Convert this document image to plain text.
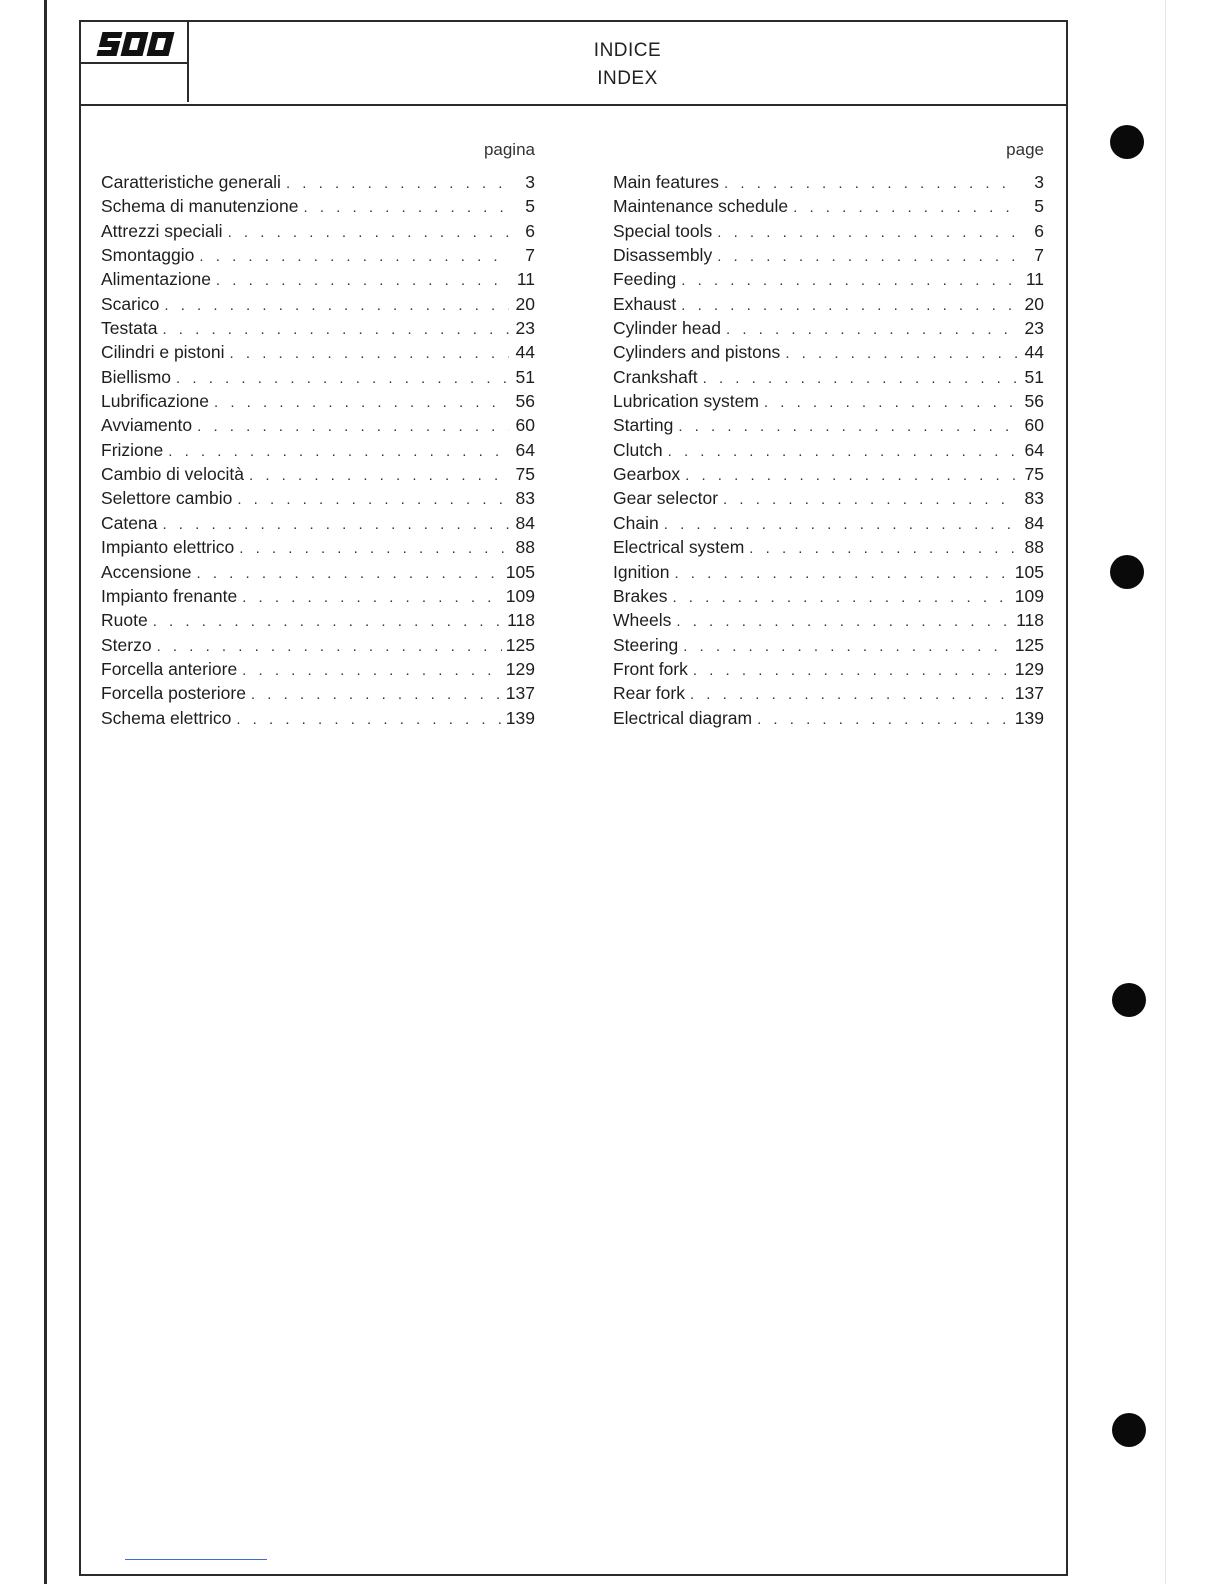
INDICE
INDEX
pagina
Caratteristiche generali . . .	3
Schema di manutenzione . . .	5
Attrezzi speciali . . .	6
Smontaggio . . .	7
Alimentazione . . .	11
Scarico . . .	20
Testata . . .	23
Cilindri e pistoni . . .	44
Biellismo . . .	51
Lubrificazione . . .	56
Avviamento . . .	60
Frizione . . .	64
Cambio di velocità . . .	75
Selettore cambio . . .	83
Catena . . .	84
Impianto elettrico . . .	88
Accensione . . .	105
Impianto frenante . . .	109
Ruote . . .	118
Sterzo . . .	125
Forcella anteriore . . .	129
Forcella posteriore . . .	137
Schema elettrico . . .	139
page
Main features . . .	3
Maintenance schedule . . .	5
Special tools . . .	6
Disassembly . . .	7
Feeding . . .	11
Exhaust . . .	20
Cylinder head . . .	23
Cylinders and pistons . . .	44
Crankshaft . . .	51
Lubrication system . . .	56
Starting . . .	60
Clutch . . .	64
Gearbox . . .	75
Gear selector . . .	83
Chain . . .	84
Electrical system . . .	88
Ignition . . .	105
Brakes . . .	109
Wheels . . .	118
Steering . . .	125
Front fork . . .	129
Rear fork . . .	137
Electrical diagram . . .	139
